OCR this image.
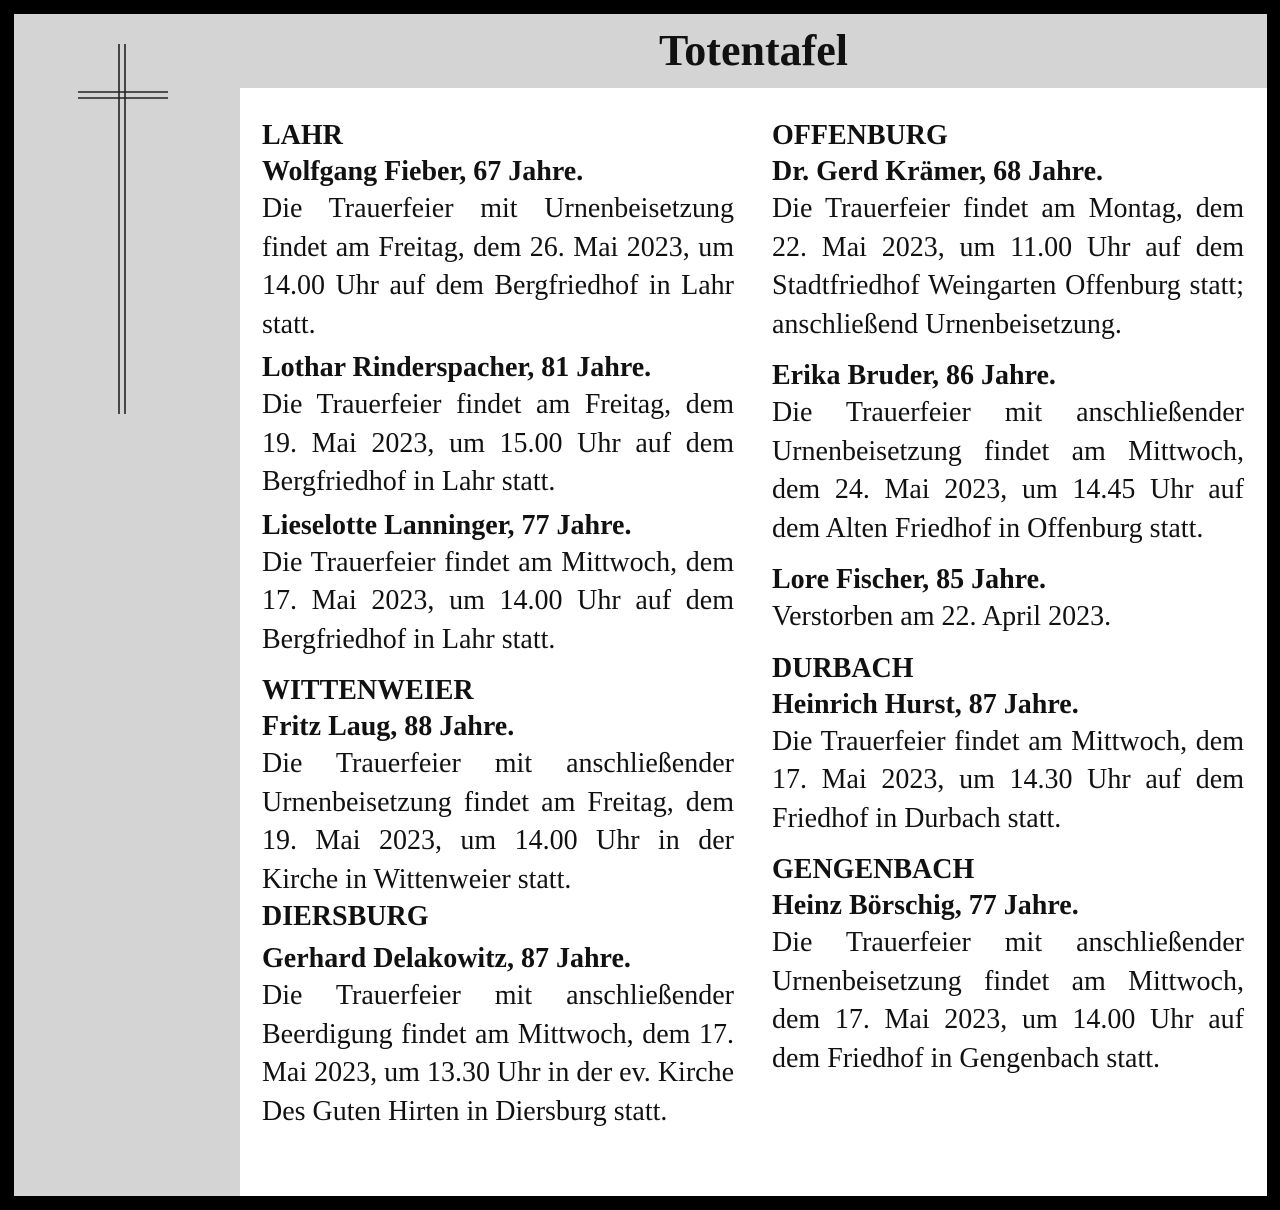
Totentafel
LAHR
Wolfgang Fieber, 67 Jahre.
Die Trauerfeier mit Urnenbeisetzung findet am Freitag, dem 26. Mai 2023, um 14.00 Uhr auf dem Bergfriedhof in Lahr statt.
Lothar Rinderspacher, 81 Jahre.
Die Trauerfeier findet am Freitag, dem 19. Mai 2023, um 15.00 Uhr auf dem Bergfriedhof in Lahr statt.
Lieselotte Lanninger, 77 Jahre.
Die Trauerfeier findet am Mittwoch, dem 17. Mai 2023, um 14.00 Uhr auf dem Bergfriedhof in Lahr statt.
WITTENWEIER
Fritz Laug, 88 Jahre.
Die Trauerfeier mit anschließender Urnenbeisetzung findet am Freitag, dem 19. Mai 2023, um 14.00 Uhr in der Kirche in Wittenweier statt.
DIERSBURG
Gerhard Delakowitz, 87 Jahre.
Die Trauerfeier mit anschließender Beerdigung findet am Mittwoch, dem 17. Mai 2023, um 13.30 Uhr in der ev. Kirche Des Guten Hirten in Diersburg statt.
OFFENBURG
Dr. Gerd Krämer, 68 Jahre.
Die Trauerfeier findet am Montag, dem 22. Mai 2023, um 11.00 Uhr auf dem Stadtfriedhof Weingarten Offenburg statt; anschließend Urnenbeisetzung.
Erika Bruder, 86 Jahre.
Die Trauerfeier mit anschließender Urnenbeisetzung findet am Mittwoch, dem 24. Mai 2023, um 14.45 Uhr auf dem Alten Friedhof in Offenburg statt.
Lore Fischer, 85 Jahre.
Verstorben am 22. April 2023.
DURBACH
Heinrich Hurst, 87 Jahre.
Die Trauerfeier findet am Mittwoch, dem 17. Mai 2023, um 14.30 Uhr auf dem Friedhof in Durbach statt.
GENGENBACH
Heinz Börschig, 77 Jahre.
Die Trauerfeier mit anschließender Urnenbeisetzung findet am Mittwoch, dem 17. Mai 2023, um 14.00 Uhr auf dem Friedhof in Gengenbach statt.
